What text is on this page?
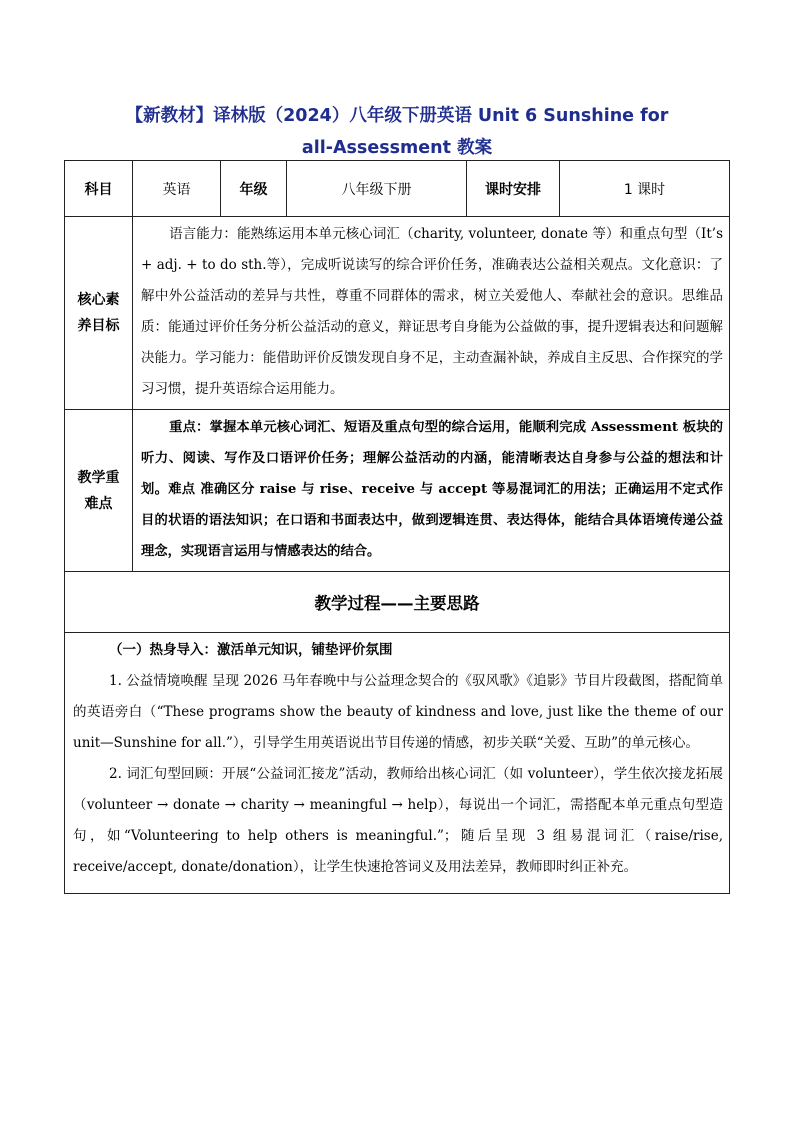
【新教材】译林版（2024）八年级下册英语 Unit 6 Sunshine for
all-Assessment 教案
科目	英语	年级	八年级下册	课时安排	1 课时

核心素
养目标	语言能力：能熟练运用本单元核心词汇（charity, volunteer, donate 等）和重点句型（It’s + adj. + to do sth.等），完成听说读写的综合评价任务，准确表达公益相关观点。文化意识：了解中外公益活动的差异与共性，尊重不同群体的需求，树立关爱他人、奉献社会的意识。思维品质：能通过评价任务分析公益活动的意义，辩证思考自身能为公益做的事，提升逻辑表达和问题解决能力。学习能力：能借助评价反馈发现自身不足，主动查漏补缺，养成自主反思、合作探究的学习习惯，提升英语综合运用能力。				

教学重
难点	重点：掌握本单元核心词汇、短语及重点句型的综合运用，能顺利完成 Assessment 板块的听力、阅读、写作及口语评价任务；理解公益活动的内涵，能清晰表达自身参与公益的想法和计划。难点 准确区分 raise 与 rise、receive 与 accept 等易混词汇的用法；正确运用不定式作目的状语的语法知识；在口语和书面表达中，做到逻辑连贯、表达得体，能结合具体语境传递公益理念，实现语言运用与情感表达的结合。				
教学过程——主要思路					

（一）热身导入：激活单元知识，铺垫评价氛围
1. 公益情境唤醒 呈现 2026 马年春晚中与公益理念契合的《驭风歌》《追影》节目片段截图，搭配简单的英语旁白（“These programs show the beauty of kindness and love, just like the theme of our unit—Sunshine for all.”），引导学生用英语说出节目传递的情感，初步关联“关爱、互助”的单元核心。
2. 词汇句型回顾：开展“公益词汇接龙”活动，教师给出核心词汇（如 volunteer），学生依次接龙拓展（volunteer → donate → charity → meaningful → help），每说出一个词汇，需搭配本单元重点句型造句，如“Volunteering to help others is meaningful.”；随后呈现 3 组易混词汇（raise/rise, receive/accept, donate/donation），让学生快速抢答词义及用法差异，教师即时纠正补充。					
